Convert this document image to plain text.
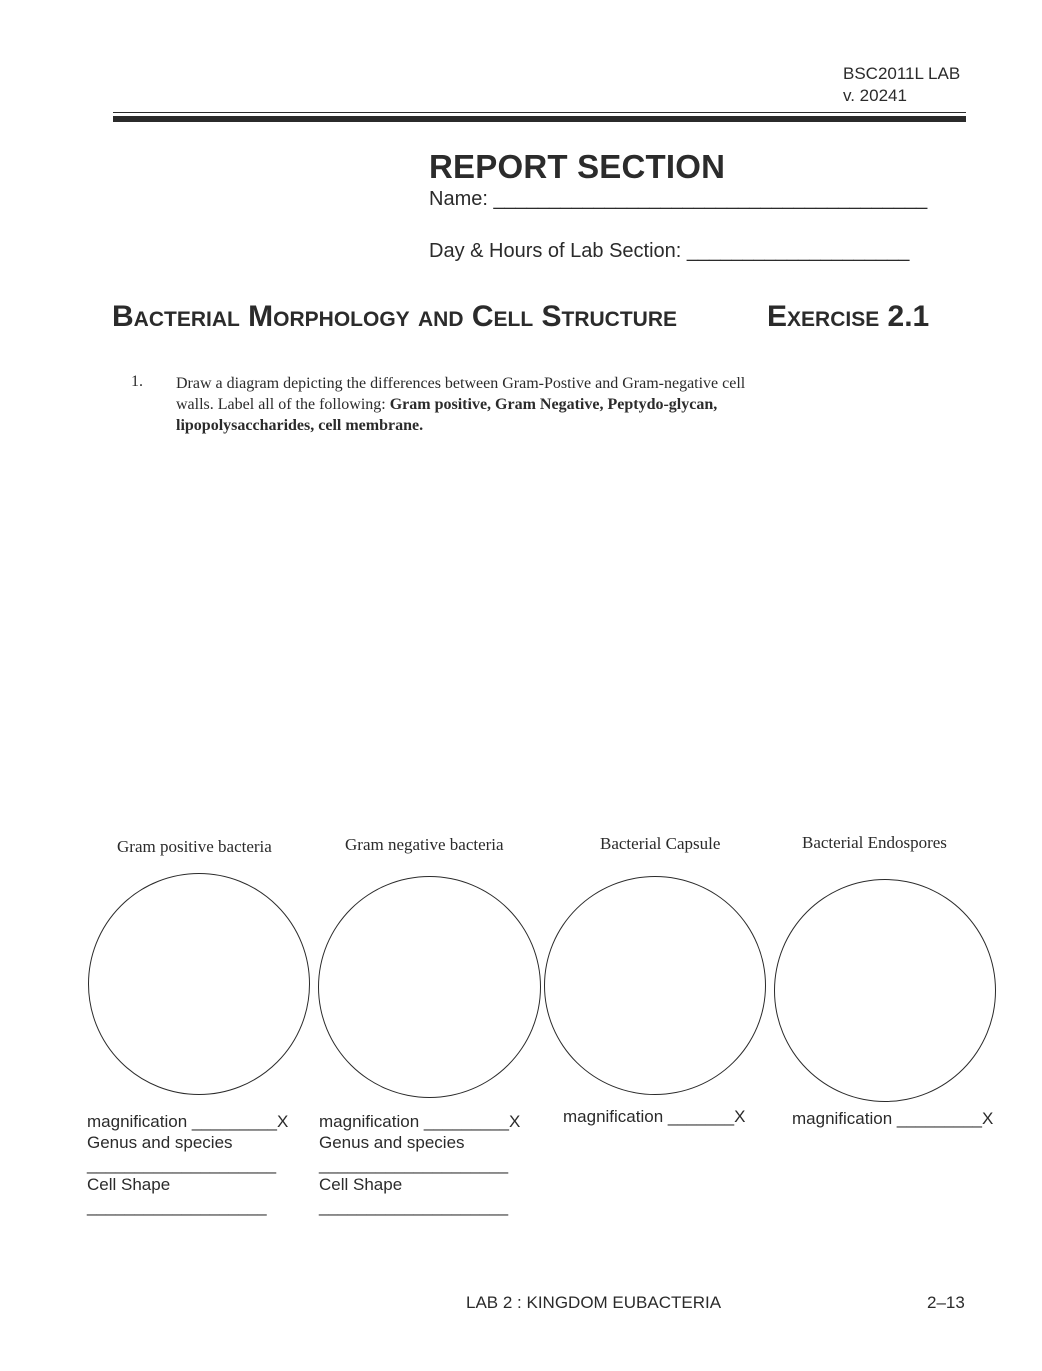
BSC2011L LAB
v. 20241
REPORT SECTION
Name: _______________________________________
Day & Hours of Lab Section: ____________________
Bacterial Morphology and Cell Structure	Exercise 2.1
1. Draw a diagram depicting the differences between Gram-Postive and Gram-negative cell walls. Label all of the following: Gram positive, Gram Negative, Peptydo-glycan, lipopolysaccharides, cell membrane.
Gram positive bacteria
magnification _________X
Genus and species
____________________
Cell Shape
___________________
Gram negative bacteria
magnification _________X
Genus and species
____________________
Cell Shape
____________________
Bacterial Capsule
magnification _______X
Bacterial Endospores
magnification _________X
LAB 2 : KINGDOM EUBACTERIA	2–13
